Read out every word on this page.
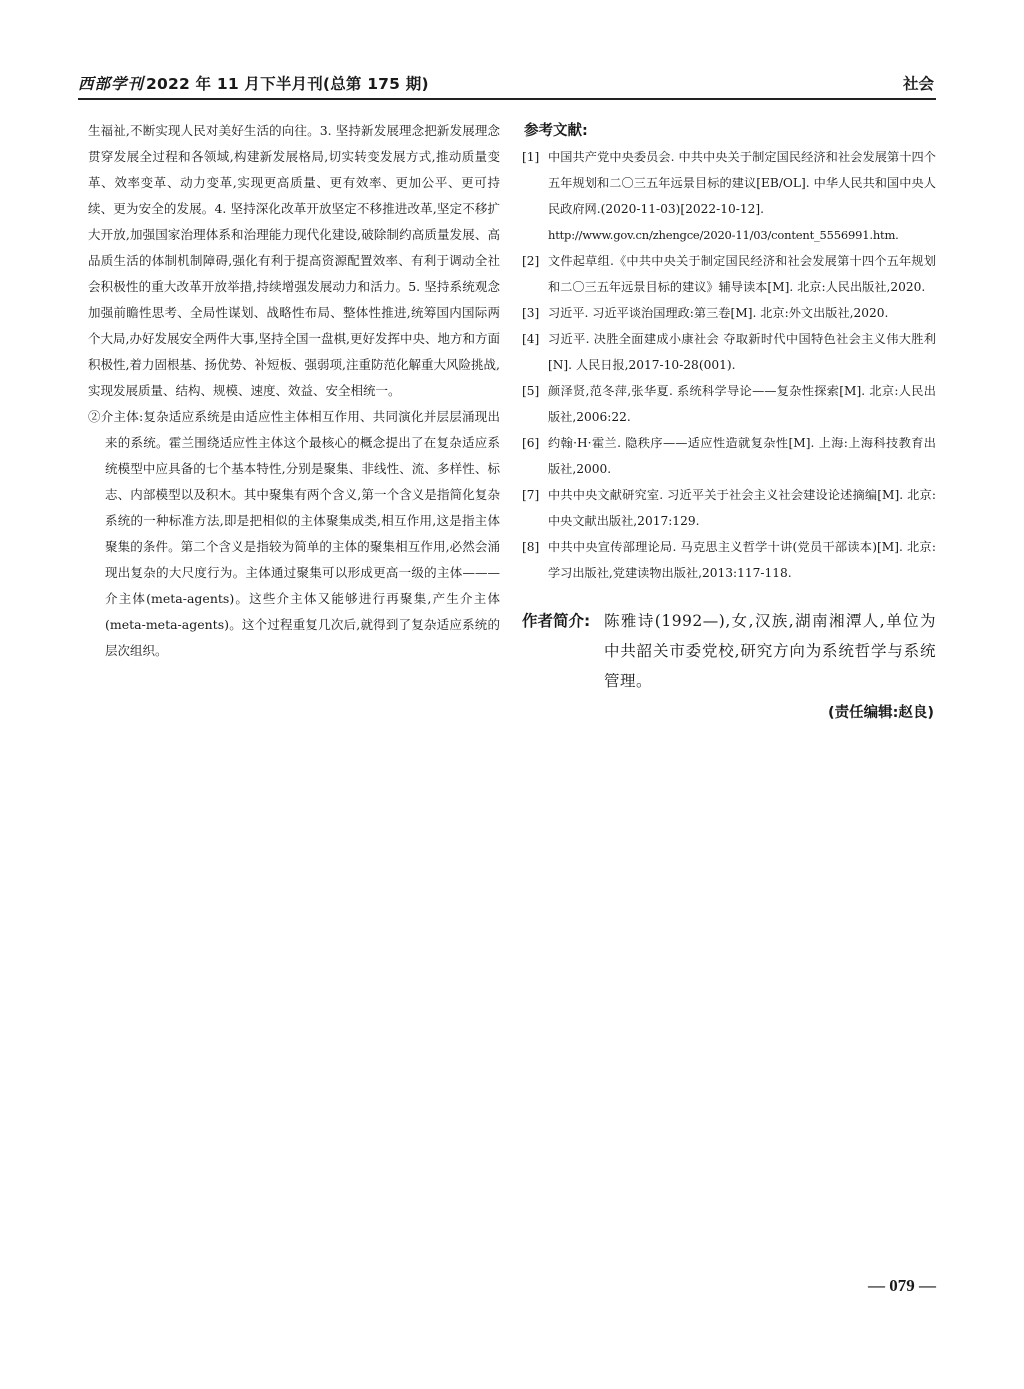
西部学刊 2022 年 11 月下半月刊(总第 175 期)	社会

生福祉,不断实现人民对美好生活的向往。3. 坚持新发展理念把新发展理念贯穿发展全过程和各领域,构建新发展格局,切实转变发展方式,推动质量变革、效率变革、动力变革,实现更高质量、更有效率、更加公平、更可持续、更为安全的发展。4. 坚持深化改革开放坚定不移推进改革,坚定不移扩大开放,加强国家治理体系和治理能力现代化建设,破除制约高质量发展、高品质生活的体制机制障碍,强化有利于提高资源配置效率、有利于调动全社会积极性的重大改革开放举措,持续增强发展动力和活力。5. 坚持系统观念加强前瞻性思考、全局性谋划、战略性布局、整体性推进,统筹国内国际两个大局,办好发展安全两件大事,坚持全国一盘棋,更好发挥中央、地方和方面积极性,着力固根基、扬优势、补短板、强弱项,注重防范化解重大风险挑战,实现发展质量、结构、规模、速度、效益、安全相统一。

②介主体:复杂适应系统是由适应性主体相互作用、共同演化并层层涌现出来的系统。霍兰围绕适应性主体这个最核心的概念提出了在复杂适应系统模型中应具备的七个基本特性,分别是聚集、非线性、流、多样性、标志、内部模型以及积木。其中聚集有两个含义,第一个含义是指简化复杂系统的一种标准方法,即是把相似的主体聚集成类,相互作用,这是指主体聚集的条件。第二个含义是指较为简单的主体的聚集相互作用,必然会涌现出复杂的大尺度行为。主体通过聚集可以形成更高一级的主体———介主体(meta-agents)。这些介主体又能够进行再聚集,产生介主体(meta-meta-agents)。这个过程重复几次后,就得到了复杂适应系统的层次组织。

参考文献:
[1] 中国共产党中央委员会. 中共中央关于制定国民经济和社会发展第十四个五年规划和二〇三五年远景目标的建议[EB/OL]. 中华人民共和国中央人民政府网.(2020-11-03)[2022-10-12].
http://www.gov.cn/zhengce/2020-11/03/content_5556991.htm.
[2] 文件起草组.《中共中央关于制定国民经济和社会发展第十四个五年规划和二〇三五年远景目标的建议》辅导读本[M]. 北京:人民出版社,2020.
[3] 习近平. 习近平谈治国理政:第三卷[M]. 北京:外文出版社,2020.
[4] 习近平. 决胜全面建成小康社会 夺取新时代中国特色社会主义伟大胜利[N]. 人民日报,2017-10-28(001).
[5] 颜泽贤,范冬萍,张华夏. 系统科学导论——复杂性探索[M]. 北京:人民出版社,2006:22.
[6] 约翰·H·霍兰. 隐秩序——适应性造就复杂性[M]. 上海:上海科技教育出版社,2000.
[7] 中共中央文献研究室. 习近平关于社会主义社会建设论述摘编[M]. 北京:中央文献出版社,2017:129.
[8] 中共中央宣传部理论局. 马克思主义哲学十讲(党员干部读本)[M]. 北京:学习出版社,党建读物出版社,2013:117-118.
作者简介: 陈雅诗(1992—),女,汉族,湖南湘潭人,单位为中共韶关市委党校,研究方向为系统哲学与系统管理。
(责任编辑:赵良)
— 079 —
